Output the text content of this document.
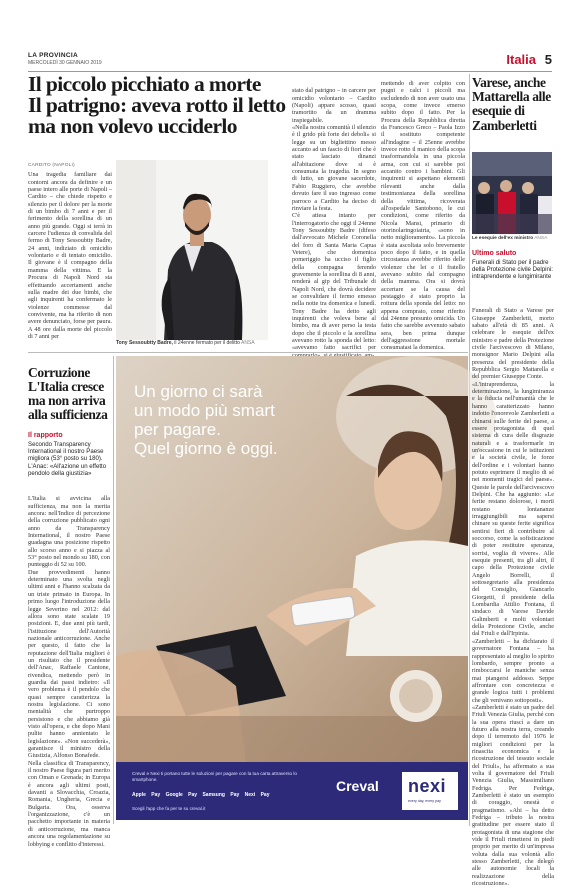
LA PROVINCIA
MERCOLEDÌ 30 GENNAIO 2019	Italia 5
Il piccolo picchiato a morte
Il patrigno: aveva rotto il letto
ma non volevo ucciderlo
CARDITO (NAPOLI)
Una tragedia familiare dai contorni ancora da definire e un paese intero alle porte di Napoli – Cardito – che chiede rispetto e silenzio per il dolore per la morte di un bimbo di 7 anni e per il ferimento della sorellina di un anno più grande. Oggi si terrà in carcere l'udienza di convalida del fermo di Tony Sessoubtty Badre, 24 anni, indiziato di omicidio volontario e di tentato omicidio. Il giovane è il compagno della mamma della vittima. E la Procura di Napoli Nord sta effettuando accertamenti anche sulla madre dei due bimbi, che agli inquirenti ha confermato le violenze commesse dal convivente, ma ha riferito di non avere denunciato, forse per paura. A 48 ore dalla morte del piccolo di 7 anni per
Tony Sessoubtty Badre, il 24enne fermato per il delitto ANSA

stato dal patrigno – in carcere per omicidio volontario – Cardito (Napoli) appare scosso, quasi tramortito da un dramma inspiegabile.
«Nella nostra comunità il silenzio è il grido più forte dei deboli» si legge su un bigliettino messo accanto ad un fascio di fiori che è stato lasciato dinanzi all'abitazione dove si è consumata la tragedia. In segno di lutto, un giovane sacerdote, Fabio Ruggiero, che avrebbe dovuto fare il suo ingresso come parroco a Cardito ha deciso di rinviare la festa.
C'è attesa intanto per l'interrogatorio che oggi il 24enne Tony Sessoubtty Badre (difeso dall'avvocato Michele Coronella del foro di Santa Maria Capua Vetere), che domenica pomeriggio ha ucciso il figlio della compagna ferendo gravemente la sorellina di 8 anni, renderà al gip del Tribunale di Napoli Nord, che dovrà decidere se convalidare il fermo emesso nella notte tra domenica e lunedì. Tony Badre ha detto agli inquirenti che voleva bene al bimbo, ma di aver perso la testa dopo che il piccolo e la sorellina avevano rotto la sponda del letto: «avevamo fatto sacrifici per

mettendo di aver colpito con pugni e calci i piccoli ma escludendo di non aver usato una scopa, come invece emerso subito dopo il fatto. Per la Procura della Repubblica diretta da Francesco Greco – Paola Izzo il sostituto competente all'indagine – il 25enne avrebbe invece rotto il manico della scopa trasformandola in una piccola arma, con cui si sarebbe poi accanito contro i bambini. Gli inquirenti si aspettano elementi rilevanti anche dalla testimonianza della sorellina della vittima, ricoverata all'ospedale Santobono, le cui condizioni, come riferito da Nicola Mansi, primario di otorinolaringoiatria, «sono in netto miglioramento». La piccola è stata ascoltata solo brevemente poco dopo il fatto, e in quella circostanza avrebbe riferito delle violenze che lei e il fratello avevano subito dal compagno della mamma. Ora si dovrà accertare se la causa del pestaggio è stato proprio la rottura della sponda del letto: no appena comprato, come riferito dal 24enne presunto omicida. Un fatto che sarebbe avvenuto sabato sera, ben prima dunque dell'aggressione mortale consumatasi la domenica.
Corruzione L'Italia cresce ma non arriva alla sufficienza
Il rapporto
Secondo Transparency International il nostro Paese migliora (53° posto su 180). L'Anac: «All'azione un effetto pendolo della giustizia»

L'Italia si avvicina alla sufficienza, ma non la merita ancora: nell'Indice di percezione della corruzione pubblicato ogni anno da Transparency International, il nostro Paese guadagna una posizione rispetto allo scorso anno e si piazza al 53° posto nel mondo su 180, con punteggio di 52 su 100.
Due provvedimenti hanno determinato una svolta negli ultimi anni e l'hanno scalzata da un triste primato in Europa. In primo luogo l'introduzione della legge Severino nel 2012: dal allora sono state scalate 19 posizioni. E, due anni più tardi, l'istituzione dell'Autorità nazionale anticorruzione. Anche per questo, il fatto che la reputazione dell'Italia migliori è un risultato che il presidente dell'Anac, Raffaele Cantone, rivendica, mettendo però in guardia dai passi indietro: «Il vero problema è il pendolo che quasi sempre caratterizza la nostra legislazione. Ci sono mentalità che purtroppo persistono e che abbiamo già visto all'opera, e che dopo Mani pulite hanno annientato le legislazione». «Non succederà», garantisce il ministro della Giustizia, Alfonso Bonafede.
Nella classifica di Transparency, il nostro Paese figura pari merito con Oman e Grenada; in Europa è ancora agli ultimi posti, davanti a Slovacchia, Croazia, Romania, Ungheria, Grecia e Bulgaria. Ora, osserva l'organizzazione, c'è un pacchetto importante in materia di anticorruzione, ma manca ancora una regolamentazione su lobbying e conflitto d'interessi.

Un giorno ci sarà
un modo più smart
per pagare.
Quel giorno è oggi.
Creval e Nexi ti portano tutte le soluzioni per pagare con la tua carta attraverso lo smartphone.
Apple Pay Google Pay Samsung Pay Nexi Pay
Scegli l'app che fa per te su creval.it
Creval nexi
every day, every pay
Varese, anche Mattarella alle esequie di Zamberletti
Le esequie dell'ex ministro ANSA
Ultimo saluto
Funerali di Stato per il padre della Protezione civile Delpini: intraprendente e lungimirante

Funerali di Stato a Varese per Giuseppe Zamberletti, morto sabato all'età di 85 anni. A celebrare le esequie dell'ex ministro e padre della Protezione civile l'arcivescovo di Milano, monsignor Mario Delpini alla presenza del presidente della Repubblica Sergio Mattarella e del premier Giuseppe Conte.
«L'intraprendenza, la determinazione, la lungimiranza e la fiducia nell'umanità che le hanno caratterizzato hanno indotto l'onorevole Zamberletti a chinarsi sulle ferite del paese, a essere protagonista di quel sistema di cura delle disgrazie naturali e a trasformarle in un'occasione in cui le istituzioni e la società civile, le forze dell'ordine e i volontari hanno potuto esprimere il meglio di sé nei momenti tragici del paese». Queste le parole dell'arcivescovo Delpini. Che ha aggiunto: «Le ferite restano dolorose, i morti restano lontananze irraggiungibili ma sapersi chinare su queste ferite significa sentirsi fieri di contribuire al soccorso, come la sofisticazione di poter restituire speranza, sorrisi, voglia di vivere». Alle esequie presenti, tra gli altri, il capo della Protezione civile Angelo Borrelli, il sottosegretario alla presidenza del Consiglio, Giancarlo Giorgetti, il presidente della Lombardia Attilio Fontana, il sindaco di Varese Davide Galimberti e molti volontari della Protezione Civile, anche dal Friuli e dall'Irpinia.
«Zamberletti – ha dichiarato il governatore Fontana – ha rappresentato al meglio lo spirito lombardo, sempre pronto a rimboccarsi le maniche senza mai piangersi addosso. Seppe affrontare con concretezza e grande logica tutti i problemi che gli venivano sottoposti».
«Zamberletti è stato un padre del Friuli Venezia Giulia, perché con la sua opera riuscì a dare un futuro alla nostra terra, creando dopo il terremoto del 1976 le migliori condizioni per la rinascita economica e la ricostruzione del tessuto sociale del Friuli», ha affermato a sua volta il governatore del Friuli Venezia Giulia, Massimiliano Fedriga. Per Fedriga, Zamberletti è stato un esempio di coraggio, onestà e pragmatismo. «Ahi – ha detto Fedriga – tributo la nostra gratitudine per essere stato il protagonista di una stagione che vide il Friuli rimettersi in piedi proprio per merito di un'impresa voluta dalla sua volontà allo stesso Zamberletti, che delegò alle autonomie locali la realizzazione della ricostruzione».
